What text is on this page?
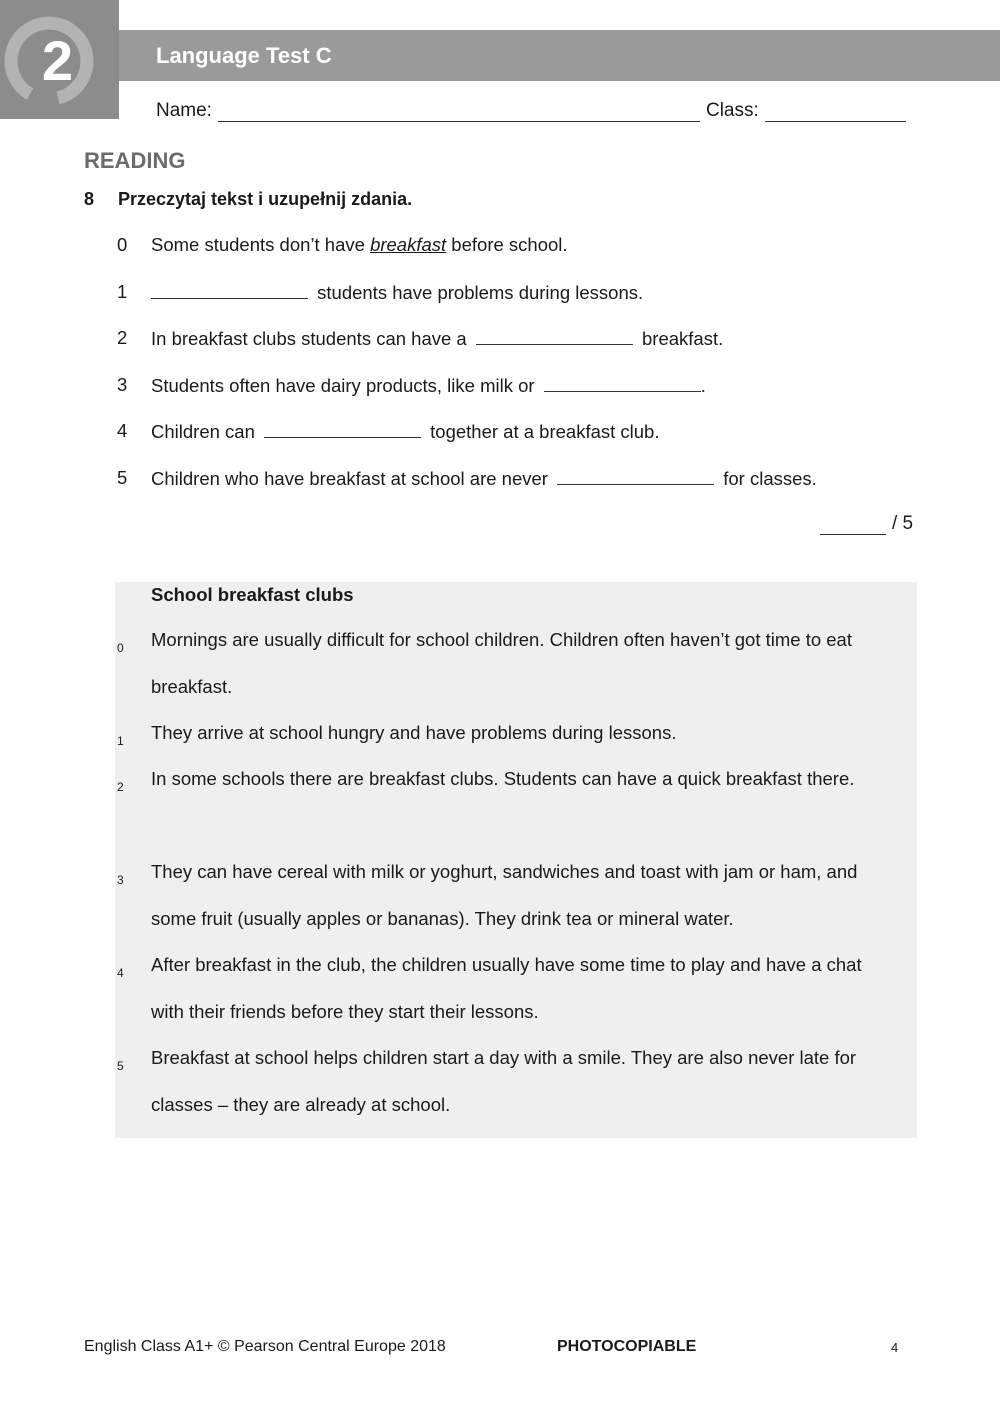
2	Language Test C
Name:	Class:
READING
8	Przeczytaj tekst i uzupełnij zdania.
0	Some students don’t have breakfast before school.
1	students have problems during lessons.
2	In breakfast clubs students can have a	breakfast.
3	Students often have dairy products, like milk or	.
4	Children can	together at a breakfast club.
5	Children who have breakfast at school are never	for classes.
/ 5
School breakfast clubs
0 Mornings are usually difficult for school children. Children often haven’t got time to eat breakfast.
1 They arrive at school hungry and have problems during lessons.
2 In some schools there are breakfast clubs. Students can have a quick breakfast there.
3 They can have cereal with milk or yoghurt, sandwiches and toast with jam or ham, and some fruit (usually apples or bananas). They drink tea or mineral water.
4 After breakfast in the club, the children usually have some time to play and have a chat with their friends before they start their lessons.
5 Breakfast at school helps children start a day with a smile. They are also never late for classes – they are already at school.
English Class A1+ © Pearson Central Europe 2018	PHOTOCOPIABLE	4
